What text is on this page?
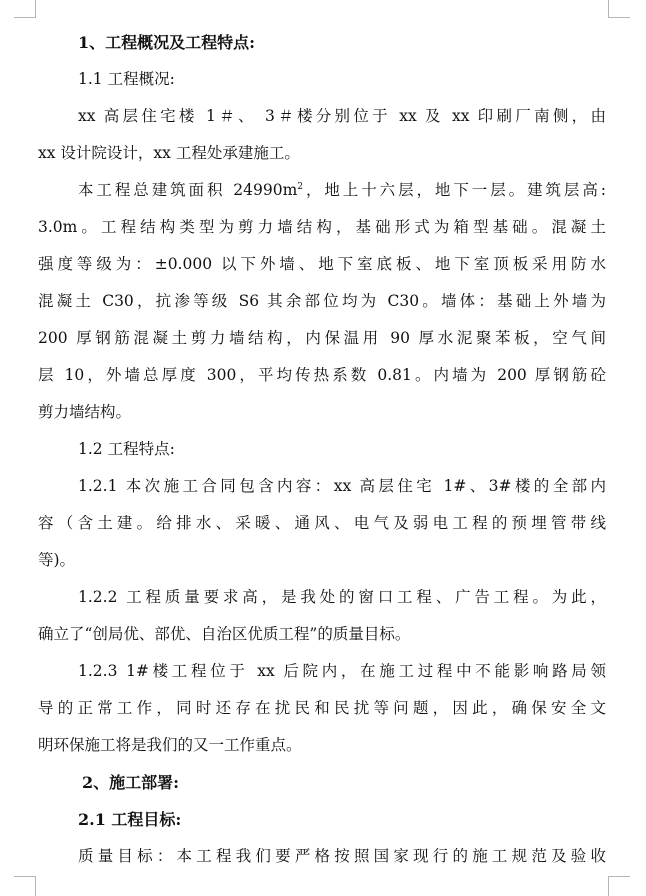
1、工程概况及工程特点:
1.1 工程概况:
xx 高层住宅楼 1＃、 3＃楼分别位于 xx 及 xx 印刷厂南侧，由
xx 设计院设计，xx 工程处承建施工。
本工程总建筑面积 $24990m^2$，地上十六层，地下一层。建筑层高:
3.0m。工程结构类型为剪力墙结构，基础形式为箱型基础。混凝土
强度等级为：±0.000 以下外墙、地下室底板、地下室顶板采用防水
混凝土 C30，抗渗等级 S6 其余部位均为 C30。墙体：基础上外墙为
200 厚钢筋混凝土剪力墙结构，内保温用 90 厚水泥聚苯板，空气间
层 10，外墙总厚度 300，平均传热系数 0.81。内墙为 200 厚钢筋砼
剪力墙结构。
1.2 工程特点:
1.2.1 本次施工合同包含内容：xx 高层住宅 1#、3#楼的全部内
容（含土建。给排水、采暖、通风、电气及弱电工程的预埋管带线
等)。
1.2.2 工程质量要求高，是我处的窗口工程、广告工程。为此，
确立了“创局优、部优、自治区优质工程”的质量目标。
1.2.3 1#楼工程位于 xx 后院内，在施工过程中不能影响路局领
导的正常工作，同时还存在扰民和民扰等问题，因此，确保安全文
明环保施工将是我们的又一工作重点。
2、施工部署:
2.1 工程目标:
质量目标：本工程我们要严格按照国家现行的施工规范及验收
